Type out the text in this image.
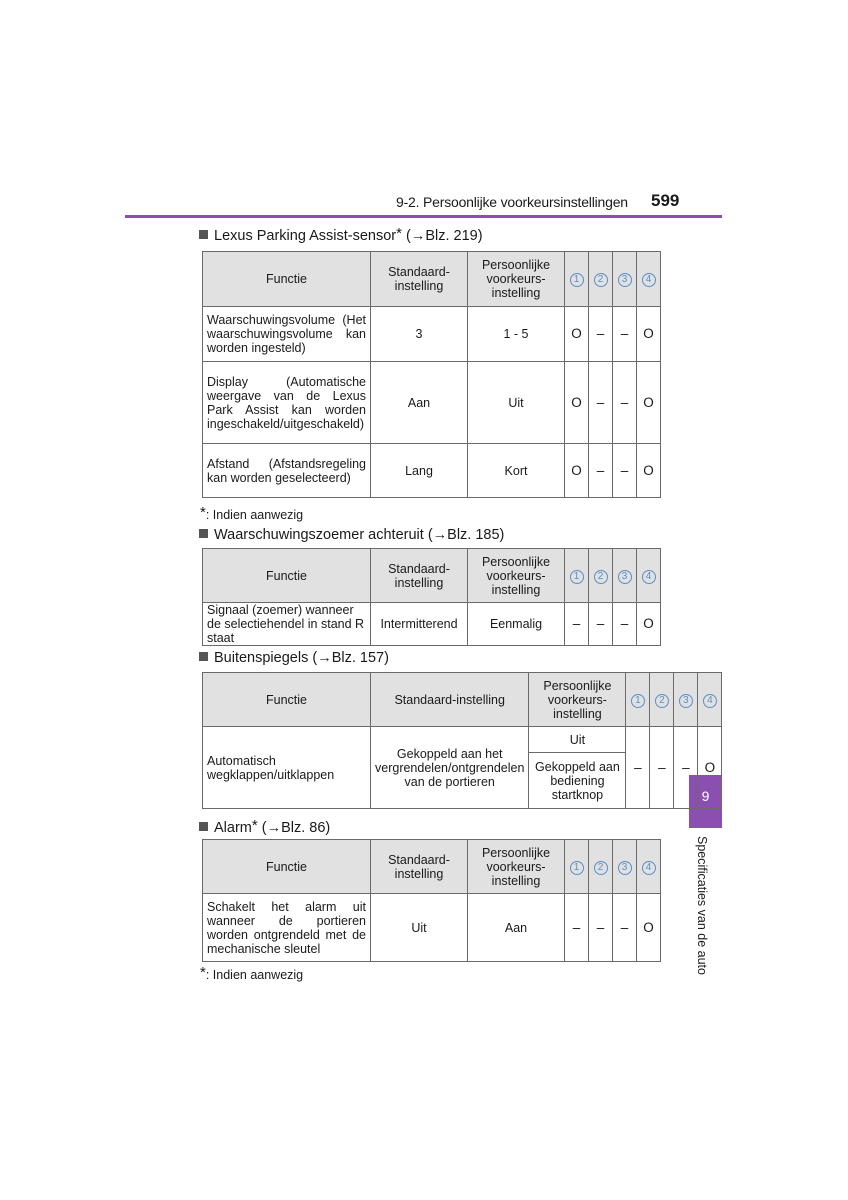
9-2. Persoonlijke voorkeursinstellingen 599
9
Specificaties van de auto
Lexus Parking Assist-sensor* (→Blz. 219)
Functie	Standaard-instelling	Persoonlijke voorkeurs-instelling	1	2	3	4
Waarschuwingsvolume (Het waarschuwingsvolume kan worden ingesteld)	3	1 - 5	O	–	–	O
Display (Automatische weergave van de Lexus Park Assist kan worden ingeschakeld/uitgeschakeld)	Aan	Uit	O	–	–	O
Afstand (Afstandsregeling kan worden geselecteerd)	Lang	Kort	O	–	–	O
*: Indien aanwezig
Waarschuwingszoemer achteruit (→Blz. 185)
Functie	Standaard-instelling	Persoonlijke voorkeurs-instelling	1	2	3	4
Signaal (zoemer) wanneer de selectiehendel in stand R staat	Intermitterend	Eenmalig	–	–	–	O
Buitenspiegels (→Blz. 157)
Functie	Standaard-instelling	Persoonlijke voorkeurs-instelling	1	2	3	4
Automatisch wegklappen/uitklappen	Gekoppeld aan het vergrendelen/ontgrendelen van de portieren	Uit	–	–	–	O
		Gekoppeld aan bediening startknop				
Alarm* (→Blz. 86)
Functie	Standaard-instelling	Persoonlijke voorkeurs-instelling	1	2	3	4
Schakelt het alarm uit wanneer de portieren worden ontgrendeld met de mechanische sleutel	Uit	Aan	–	–	–	O
*: Indien aanwezig
